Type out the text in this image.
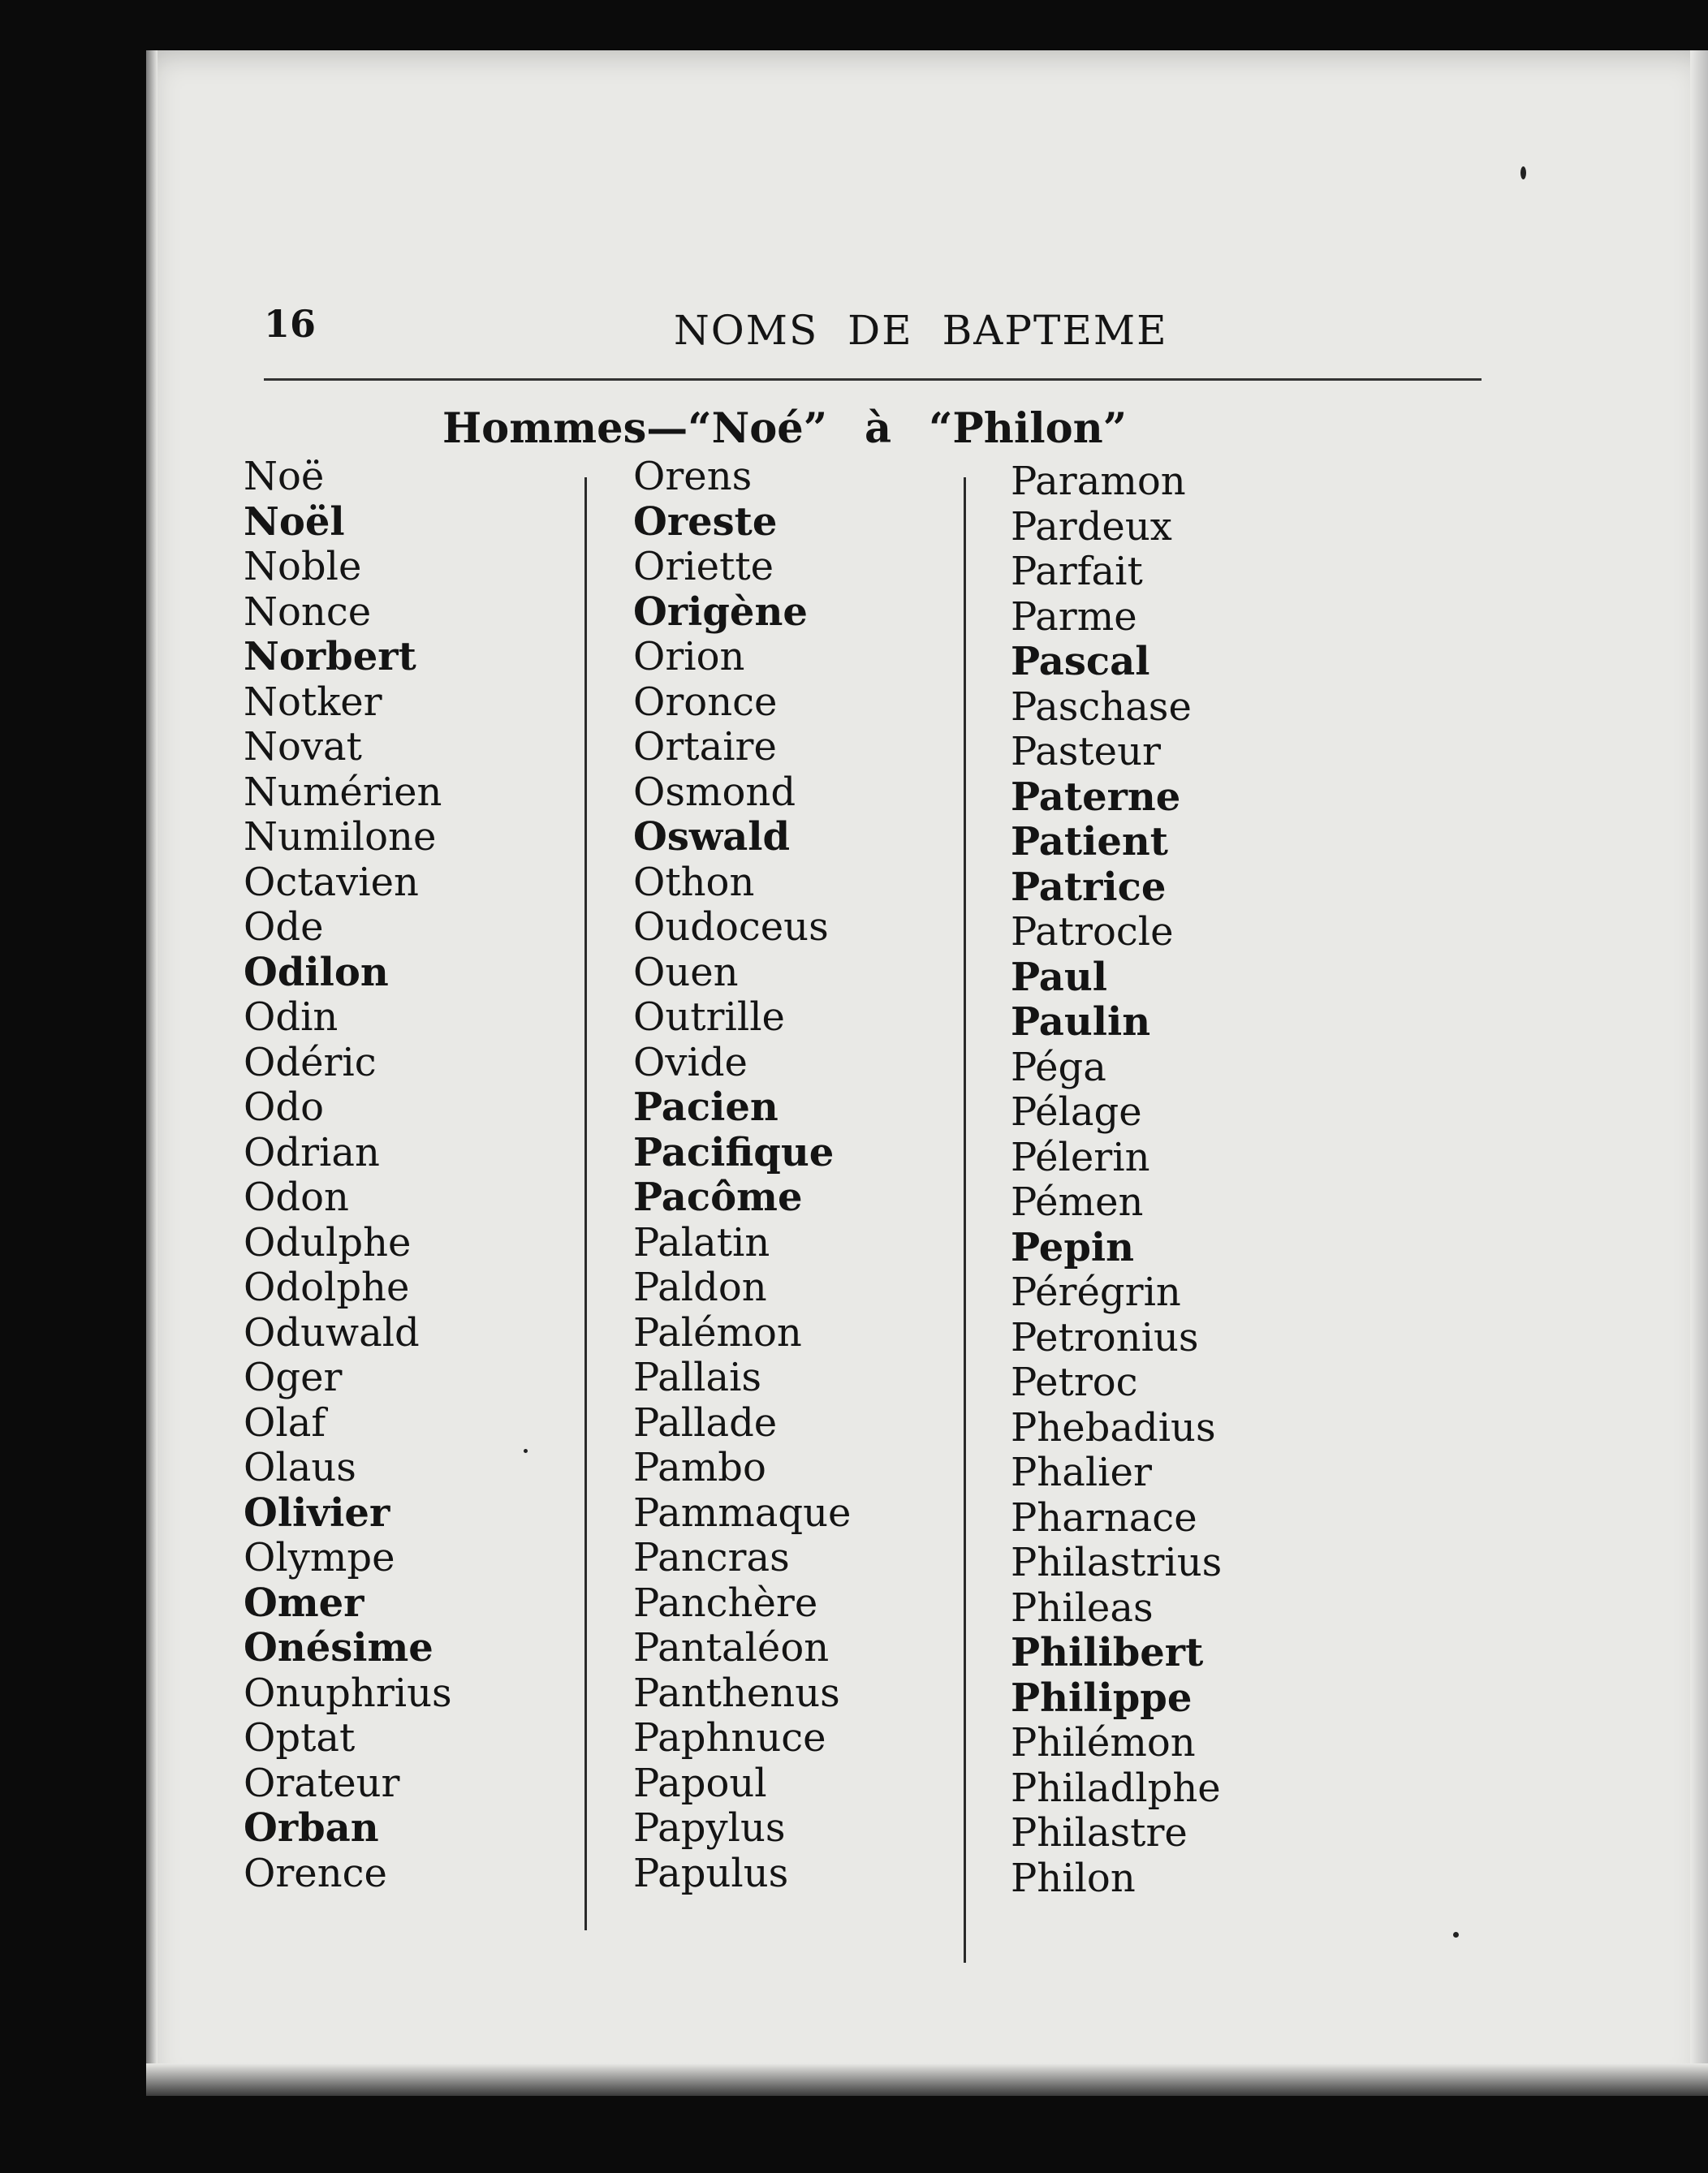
16	NOMS DE BAPTEME
Hommes—“Noé” à “Philon”
Noë
Noël
Noble
Nonce
Norbert
Notker
Novat
Numérien
Numilone
Octavien
Ode
Odilon
Odin
Odéric
Odo
Odrian
Odon
Odulphe
Odolphe
Oduwald
Oger
Olaf
Olaus
Olivier
Olympe
Omer
Onésime
Onuphrius
Optat
Orateur
Orban
Orence
Orens
Oreste
Oriette
Origène
Orion
Oronce
Ortaire
Osmond
Oswald
Othon
Oudoceus
Ouen
Outrille
Ovide
Pacien
Pacifique
Pacôme
Palatin
Paldon
Palémon
Pallais
Pallade
Pambo
Pammaque
Pancras
Panchère
Pantaléon
Panthenus
Paphnuce
Papoul
Papylus
Papulus
Paramon
Pardeux
Parfait
Parme
Pascal
Paschase
Pasteur
Paterne
Patient
Patrice
Patrocle
Paul
Paulin
Péga
Pélage
Pélerin
Pémen
Pepin
Pérégrin
Petronius
Petroc
Phebadius
Phalier
Pharnace
Philastrius
Phileas
Philibert
Philippe
Philémon
Philadlphe
Philastre
Philon
